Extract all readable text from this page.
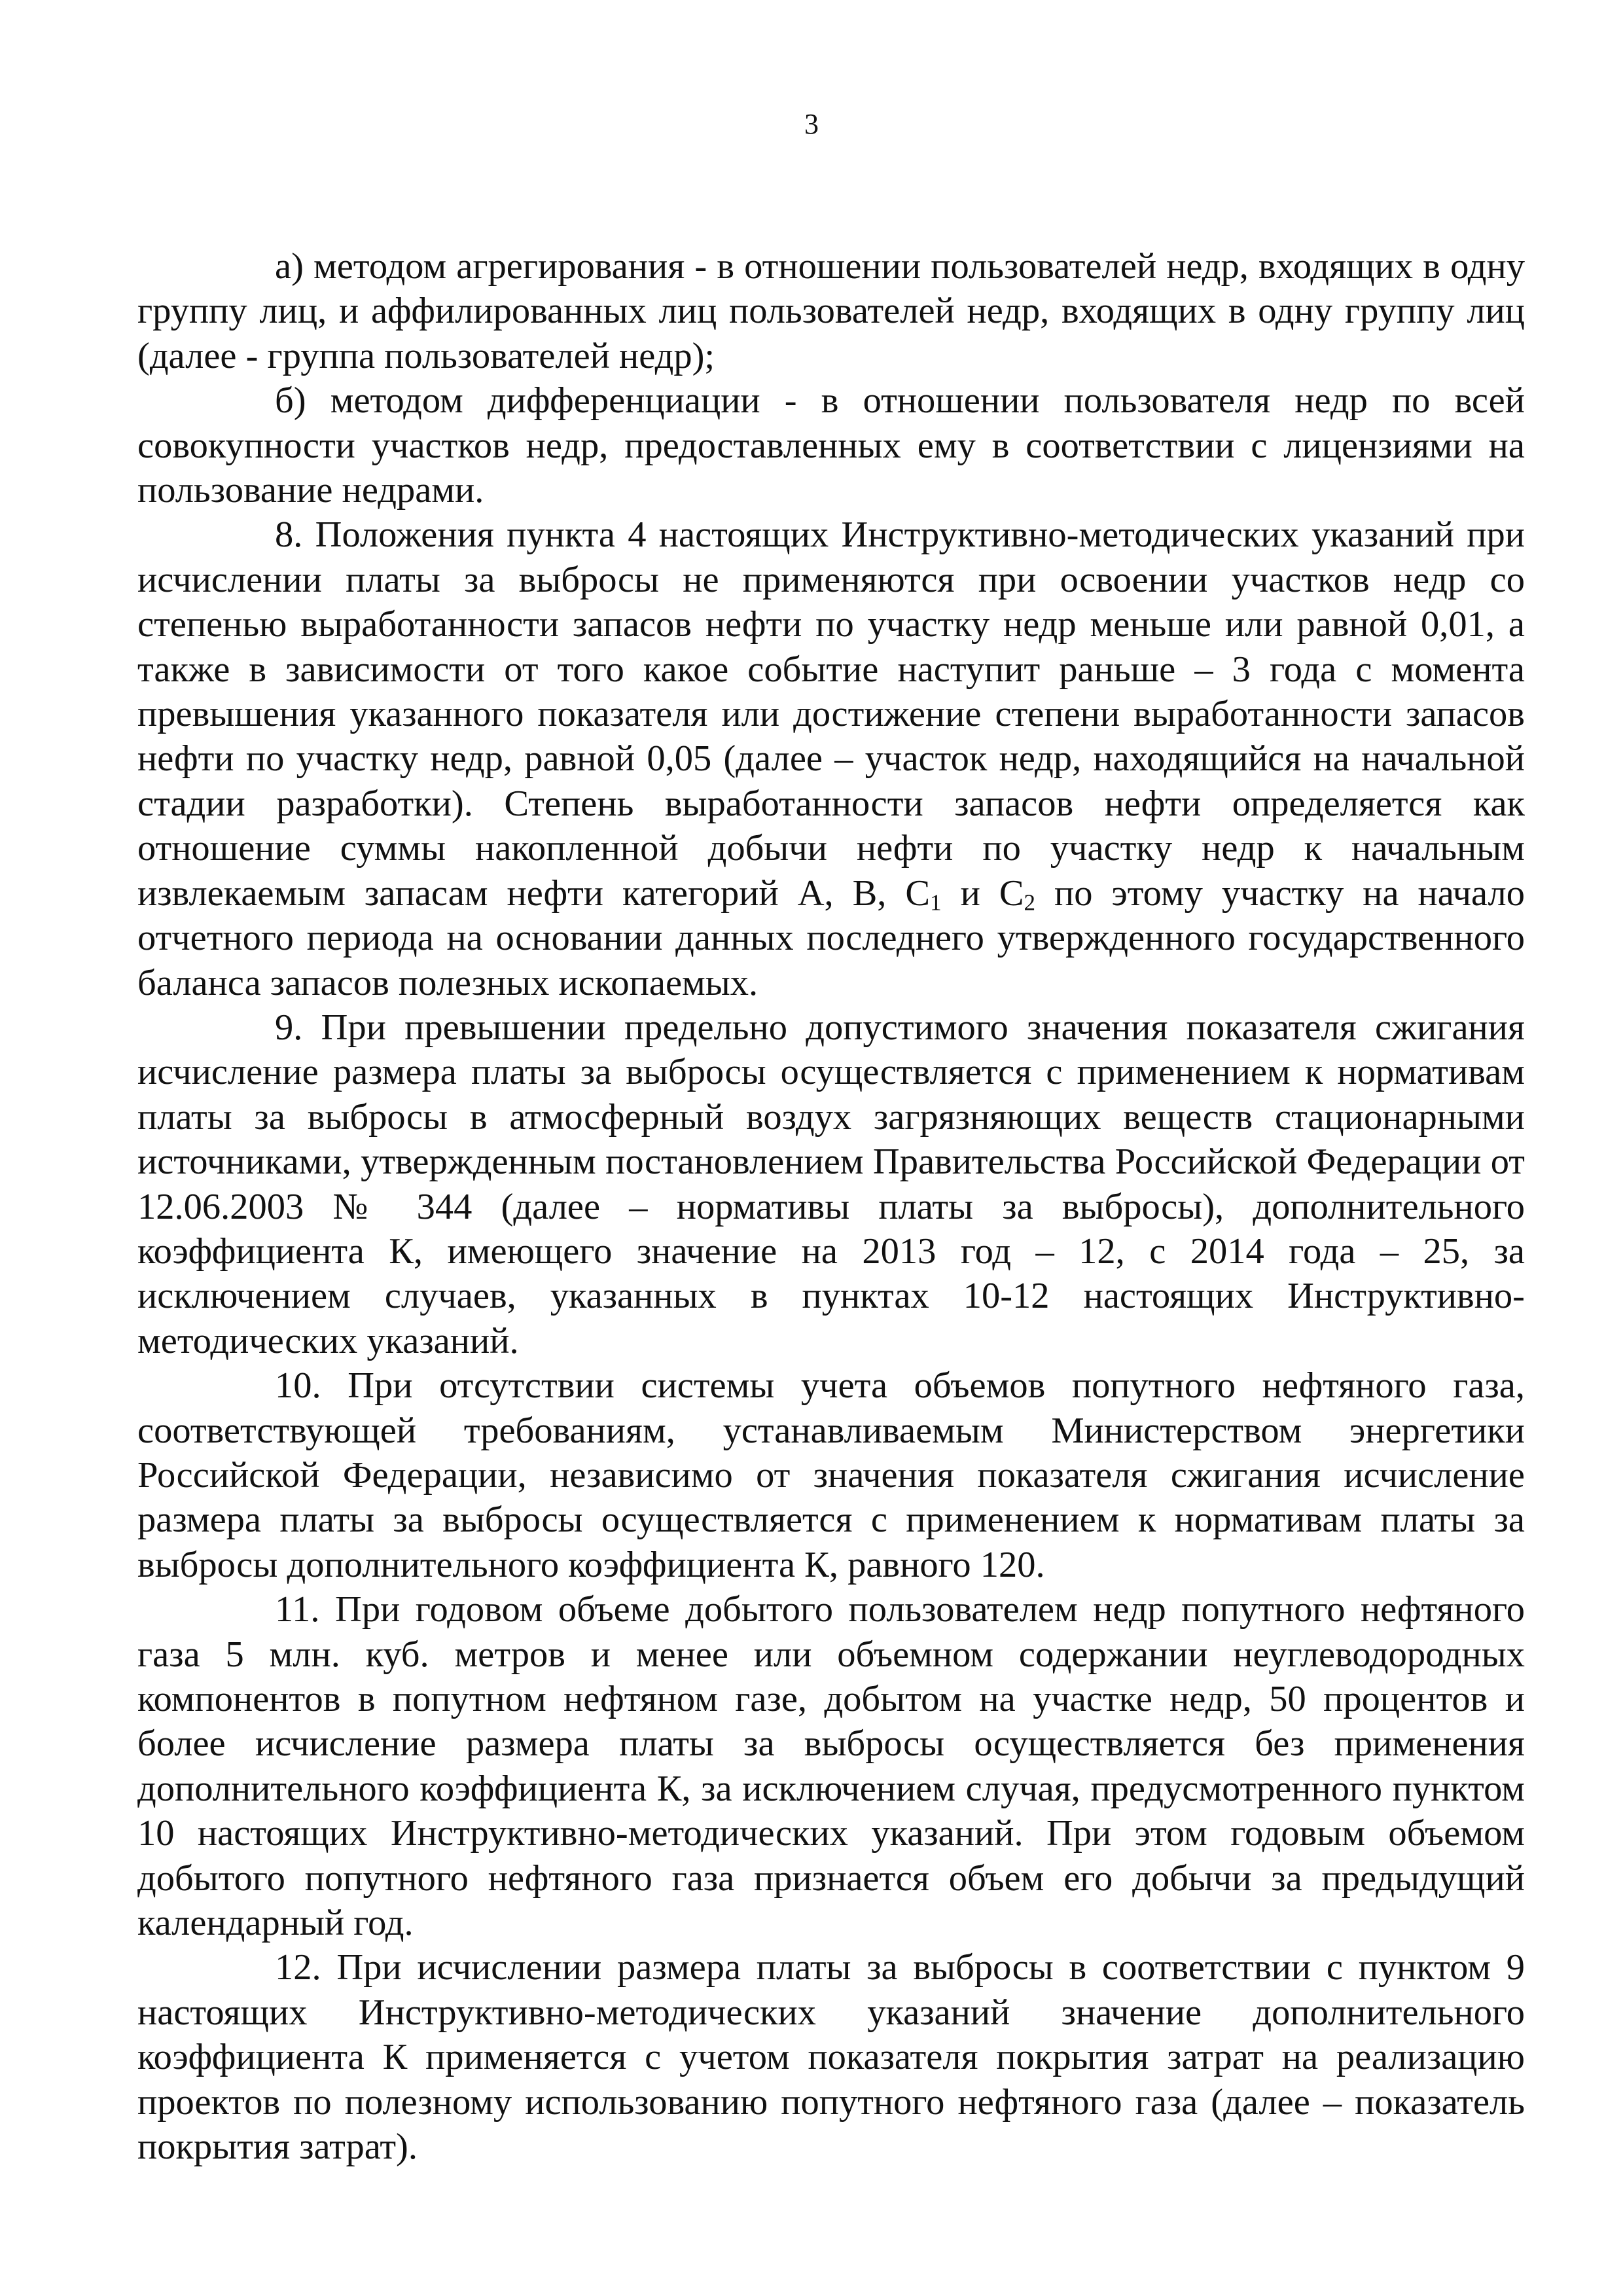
3

а) методом агрегирования - в отношении пользователей недр, входящих в одну группу лиц, и аффилированных лиц пользователей недр, входящих в одну группу лиц (далее - группа пользователей недр);

б) методом дифференциации - в отношении пользователя недр по всей совокупности участков недр, предоставленных ему в соответствии с лицензиями на пользование недрами.

8. Положения пункта 4 настоящих Инструктивно-методических указаний при исчислении платы за выбросы не применяются при освоении участков недр со степенью выработанности запасов нефти по участку недр меньше или равной 0,01, а также в зависимости от того какое событие наступит раньше – 3 года с момента превышения указанного показателя или достижение степени выработанности запасов нефти по участку недр, равной 0,05 (далее – участок недр, находящийся на начальной стадии разработки). Степень выработанности запасов нефти определяется как отношение суммы накопленной добычи нефти по участку недр к начальным извлекаемым запасам нефти категорий А, В, $С_1$ и $С_2$ по этому участку на начало отчетного периода на основании данных последнего утвержденного государственного баланса запасов полезных ископаемых.

9. При превышении предельно допустимого значения показателя сжигания исчисление размера платы за выбросы осуществляется с применением к нормативам платы за выбросы в атмосферный воздух загрязняющих веществ стационарными источниками, утвержденным постановлением Правительства Российской Федерации от 12.06.2003 № 344 (далее – нормативы платы за выбросы), дополнительного коэффициента К, имеющего значение на 2013 год – 12, с 2014 года – 25, за исключением случаев, указанных в пунктах 10-12 настоящих Инструктивно-методических указаний.

10. При отсутствии системы учета объемов попутного нефтяного газа, соответствующей требованиям, устанавливаемым Министерством энергетики Российской Федерации, независимо от значения показателя сжигания исчисление размера платы за выбросы осуществляется с применением к нормативам платы за выбросы дополнительного коэффициента К, равного 120.

11. При годовом объеме добытого пользователем недр попутного нефтяного газа 5 млн. куб. метров и менее или объемном содержании неуглеводородных компонентов в попутном нефтяном газе, добытом на участке недр, 50 процентов и более исчисление размера платы за выбросы осуществляется без применения дополнительного коэффициента К, за исключением случая, предусмотренного пунктом 10 настоящих Инструктивно-методических указаний. При этом годовым объемом добытого попутного нефтяного газа признается объем его добычи за предыдущий календарный год.

12. При исчислении размера платы за выбросы в соответствии с пунктом 9 настоящих Инструктивно-методических указаний значение дополнительного коэффициента К применяется с учетом показателя покрытия затрат на реализацию проектов по полезному использованию попутного нефтяного газа (далее – показатель покрытия затрат).
